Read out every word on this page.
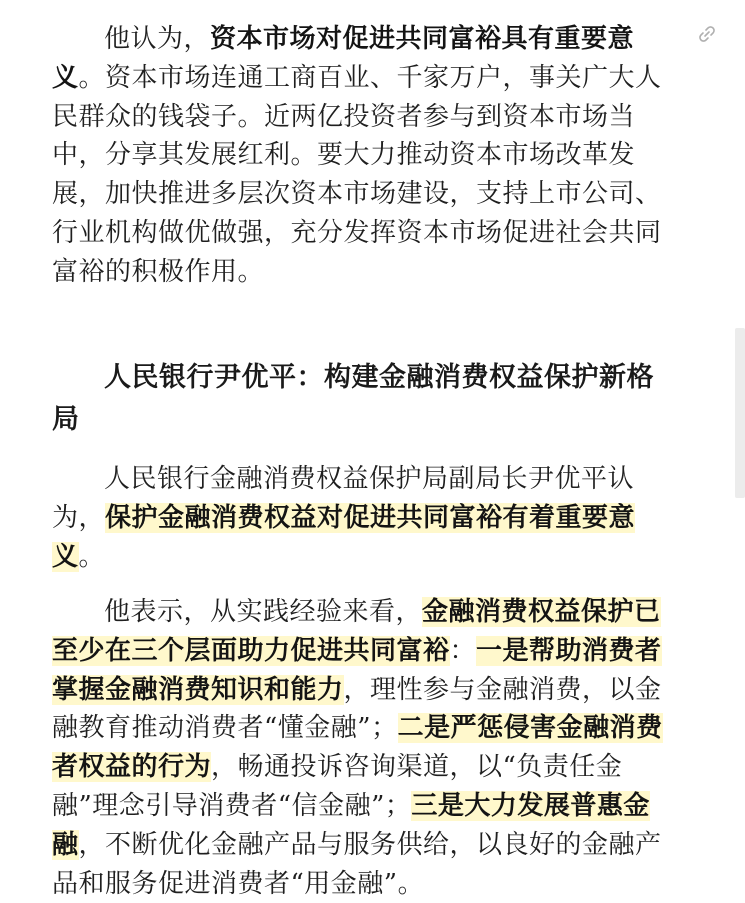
他认为，资本市场对促进共同富裕具有重要意义。资本市场连通工商百业、千家万户，事关广大人民群众的钱袋子。近两亿投资者参与到资本市场当中，分享其发展红利。要大力推动资本市场改革发展，加快推进多层次资本市场建设，支持上市公司、行业机构做优做强，充分发挥资本市场促进社会共同富裕的积极作用。

人民银行尹优平：构建金融消费权益保护新格局

人民银行金融消费权益保护局副局长尹优平认为，保护金融消费权益对促进共同富裕有着重要意义。

他表示，从实践经验来看，金融消费权益保护已至少在三个层面助力促进共同富裕：一是帮助消费者掌握金融消费知识和能力，理性参与金融消费，以金融教育推动消费者“懂金融”；二是严惩侵害金融消费者权益的行为，畅通投诉咨询渠道，以“负责任金融”理念引导消费者“信金融”；三是大力发展普惠金融，不断优化金融产品与服务供给，以良好的金融产品和服务促进消费者“用金融”。
